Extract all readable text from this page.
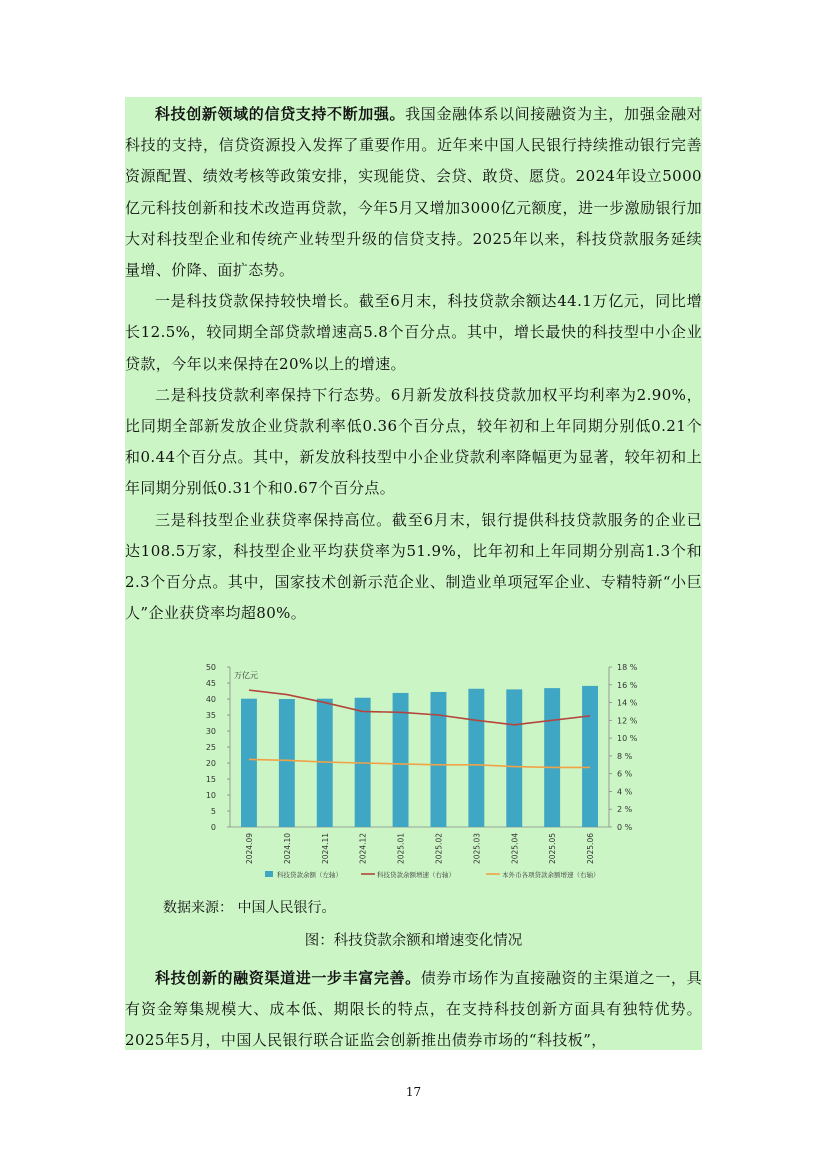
科技创新领域的信贷支持不断加强。我国金融体系以间接融资为主，加强金融对科技的支持，信贷资源投入发挥了重要作用。近年来中国人民银行持续推动银行完善资源配置、绩效考核等政策安排，实现能贷、会贷、敢贷、愿贷。2024年设立5000亿元科技创新和技术改造再贷款，今年5月又增加3000亿元额度，进一步激励银行加大对科技型企业和传统产业转型升级的信贷支持。2025年以来，科技贷款服务延续量增、价降、面扩态势。

一是科技贷款保持较快增长。截至6月末，科技贷款余额达44.1万亿元，同比增长12.5%，较同期全部贷款增速高5.8个百分点。其中，增长最快的科技型中小企业贷款，今年以来保持在20%以上的增速。

二是科技贷款利率保持下行态势。6月新发放科技贷款加权平均利率为2.90%，比同期全部新发放企业贷款利率低0.36个百分点，较年初和上年同期分别低0.21个和0.44个百分点。其中，新发放科技型中小企业贷款利率降幅更为显著，较年初和上年同期分别低0.31个和0.67个百分点。

三是科技型企业获贷率保持高位。截至6月末，银行提供科技贷款服务的企业已达108.5万家，科技型企业平均获贷率为51.9%，比年初和上年同期分别高1.3个和2.3个百分点。其中，国家技术创新示范企业、制造业单项冠军企业、专精特新“小巨人”企业获贷率均超80%。

0
5
10
15
20
25
30
35
40
45
50
0 %
2 %
4 %
6 %
8 %
10 %
12 %
14 %
16 %
18 %
万亿元
2024.09	2024.10	2024.11	2024.12	2025.01	2025.02	2025.03	2025.04	2025.05	2025.06
科技贷款余额（左轴）	科技贷款余额增速（右轴）	本外币各项贷款余额增速（右轴）
数据来源： 中国人民银行。
图：科技贷款余额和增速变化情况

科技创新的融资渠道进一步丰富完善。债券市场作为直接融资的主渠道之一，具有资金筹集规模大、成本低、期限长的特点，在支持科技创新方面具有独特优势。2025年5月，中国人民银行联合证监会创新推出债券市场的“科技板”，

17
